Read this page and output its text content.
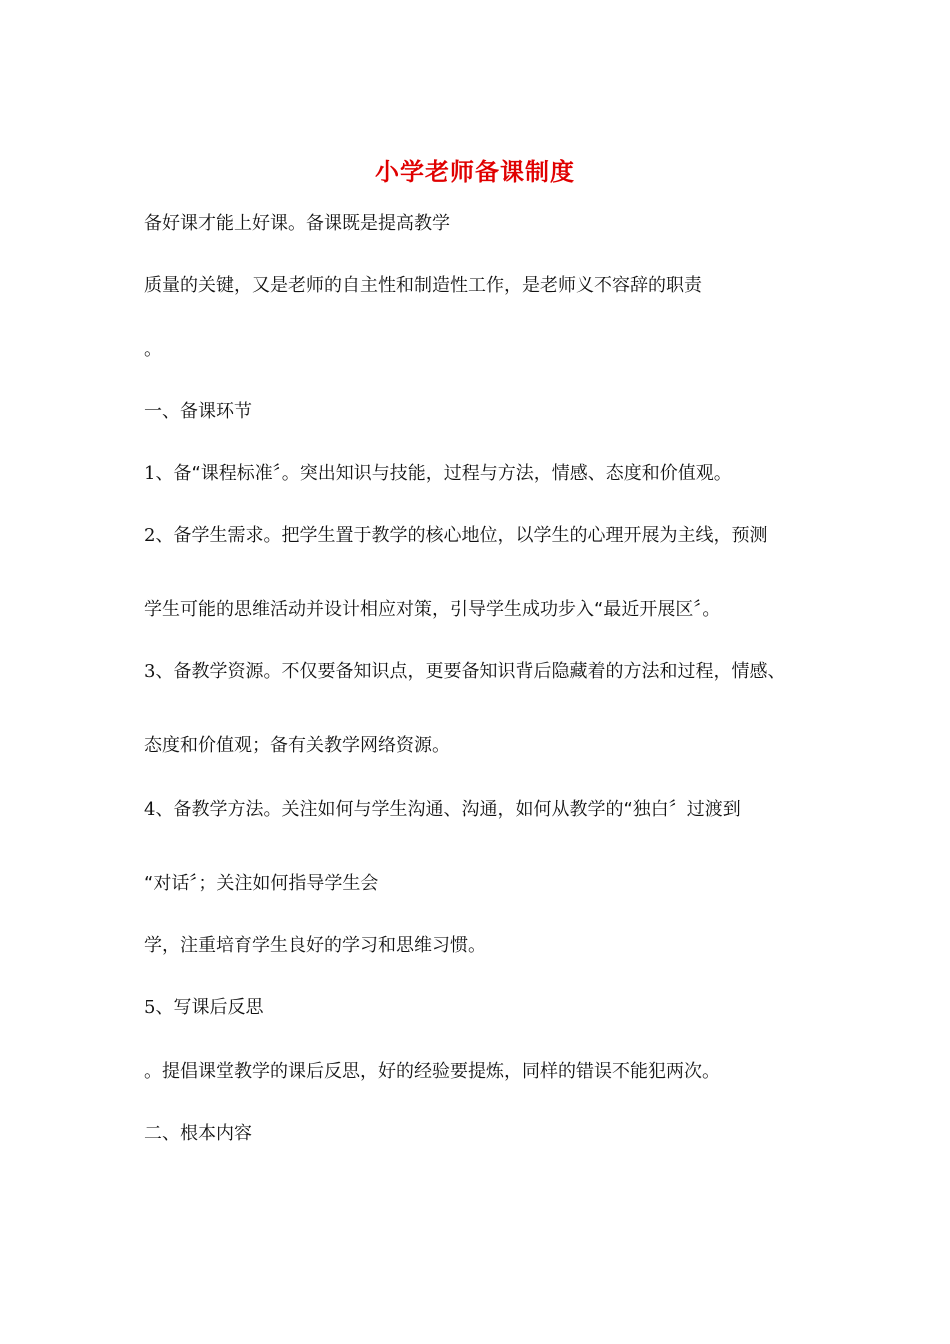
小学老师备课制度
备好课才能上好课。备课既是提高教学
质量的关键，又是老师的自主性和制造性工作，是老师义不容辞的职责
。
一、备课环节
1、备“课程标准〞。突出知识与技能，过程与方法，情感、态度和价值观。
2、备学生需求。把学生置于教学的核心地位，以学生的心理开展为主线，预测
学生可能的思维活动并设计相应对策，引导学生成功步入“最近开展区〞。
3、备教学资源。不仅要备知识点，更要备知识背后隐藏着的方法和过程，情感、
态度和价值观；备有关教学网络资源。
4、备教学方法。关注如何与学生沟通、沟通，如何从教学的“独白〞过渡到
“对话〞；关注如何指导学生会
学，注重培育学生良好的学习和思维习惯。
5、写课后反思
。提倡课堂教学的课后反思，好的经验要提炼，同样的错误不能犯两次。
二、根本内容
